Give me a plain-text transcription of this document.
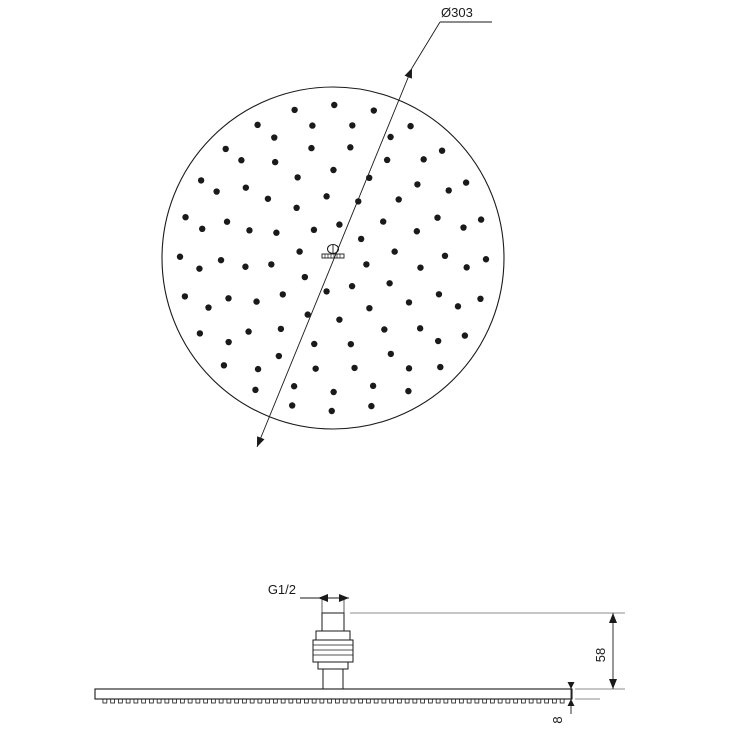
Ø303
G1/2
58
8
